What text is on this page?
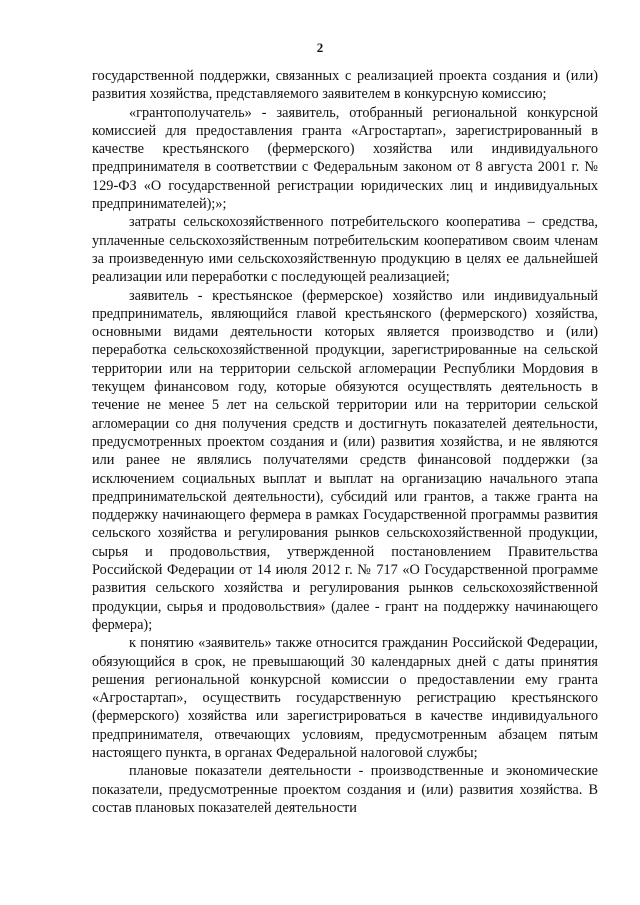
2

государственной поддержки, связанных с реализацией проекта создания и (или) развития хозяйства, представляемого заявителем в конкурсную комиссию;

«грантополучатель» - заявитель, отобранный региональной конкурсной комиссией для предоставления гранта «Агростартап», зарегистрированный в качестве крестьянского (фермерского) хозяйства или индивидуального предпринимателя в соответствии с Федеральным законом от 8 августа 2001 г. № 129-ФЗ «О государственной регистрации юридических лиц и индивидуальных предпринимателей);»;

затраты сельскохозяйственного потребительского кооператива – средства, уплаченные сельскохозяйственным потребительским кооперативом своим членам за произведенную ими сельскохозяйственную продукцию в целях ее дальнейшей реализации или переработки с последующей реализацией;

заявитель - крестьянское (фермерское) хозяйство или индивидуальный предприниматель, являющийся главой крестьянского (фермерского) хозяйства, основными видами деятельности которых является производство и (или) переработка сельскохозяйственной продукции, зарегистрированные на сельской территории или на территории сельской агломерации Республики Мордовия в текущем финансовом году, которые обязуются осуществлять деятельность в течение не менее 5 лет на сельской территории или на территории сельской агломерации со дня получения средств и достигнуть показателей деятельности, предусмотренных проектом создания и (или) развития хозяйства, и не являются или ранее не являлись получателями средств финансовой поддержки (за исключением социальных выплат и выплат на организацию начального этапа предпринимательской деятельности), субсидий или грантов, а также гранта на поддержку начинающего фермера в рамках Государственной программы развития сельского хозяйства и регулирования рынков сельскохозяйственной продукции, сырья и продовольствия, утвержденной постановлением Правительства Российской Федерации от 14 июля 2012 г. № 717 «О Государственной программе развития сельского хозяйства и регулирования рынков сельскохозяйственной продукции, сырья и продовольствия» (далее - грант на поддержку начинающего фермера);

к понятию «заявитель» также относится гражданин Российской Федерации, обязующийся в срок, не превышающий 30 календарных дней с даты принятия решения региональной конкурсной комиссии о предоставлении ему гранта «Агростартап», осуществить государственную регистрацию крестьянского (фермерского) хозяйства или зарегистрироваться в качестве индивидуального предпринимателя, отвечающих условиям, предусмотренным абзацем пятым настоящего пункта, в органах Федеральной налоговой службы;

плановые показатели деятельности - производственные и экономические показатели, предусмотренные проектом создания и (или) развития хозяйства. В состав плановых показателей деятельности
